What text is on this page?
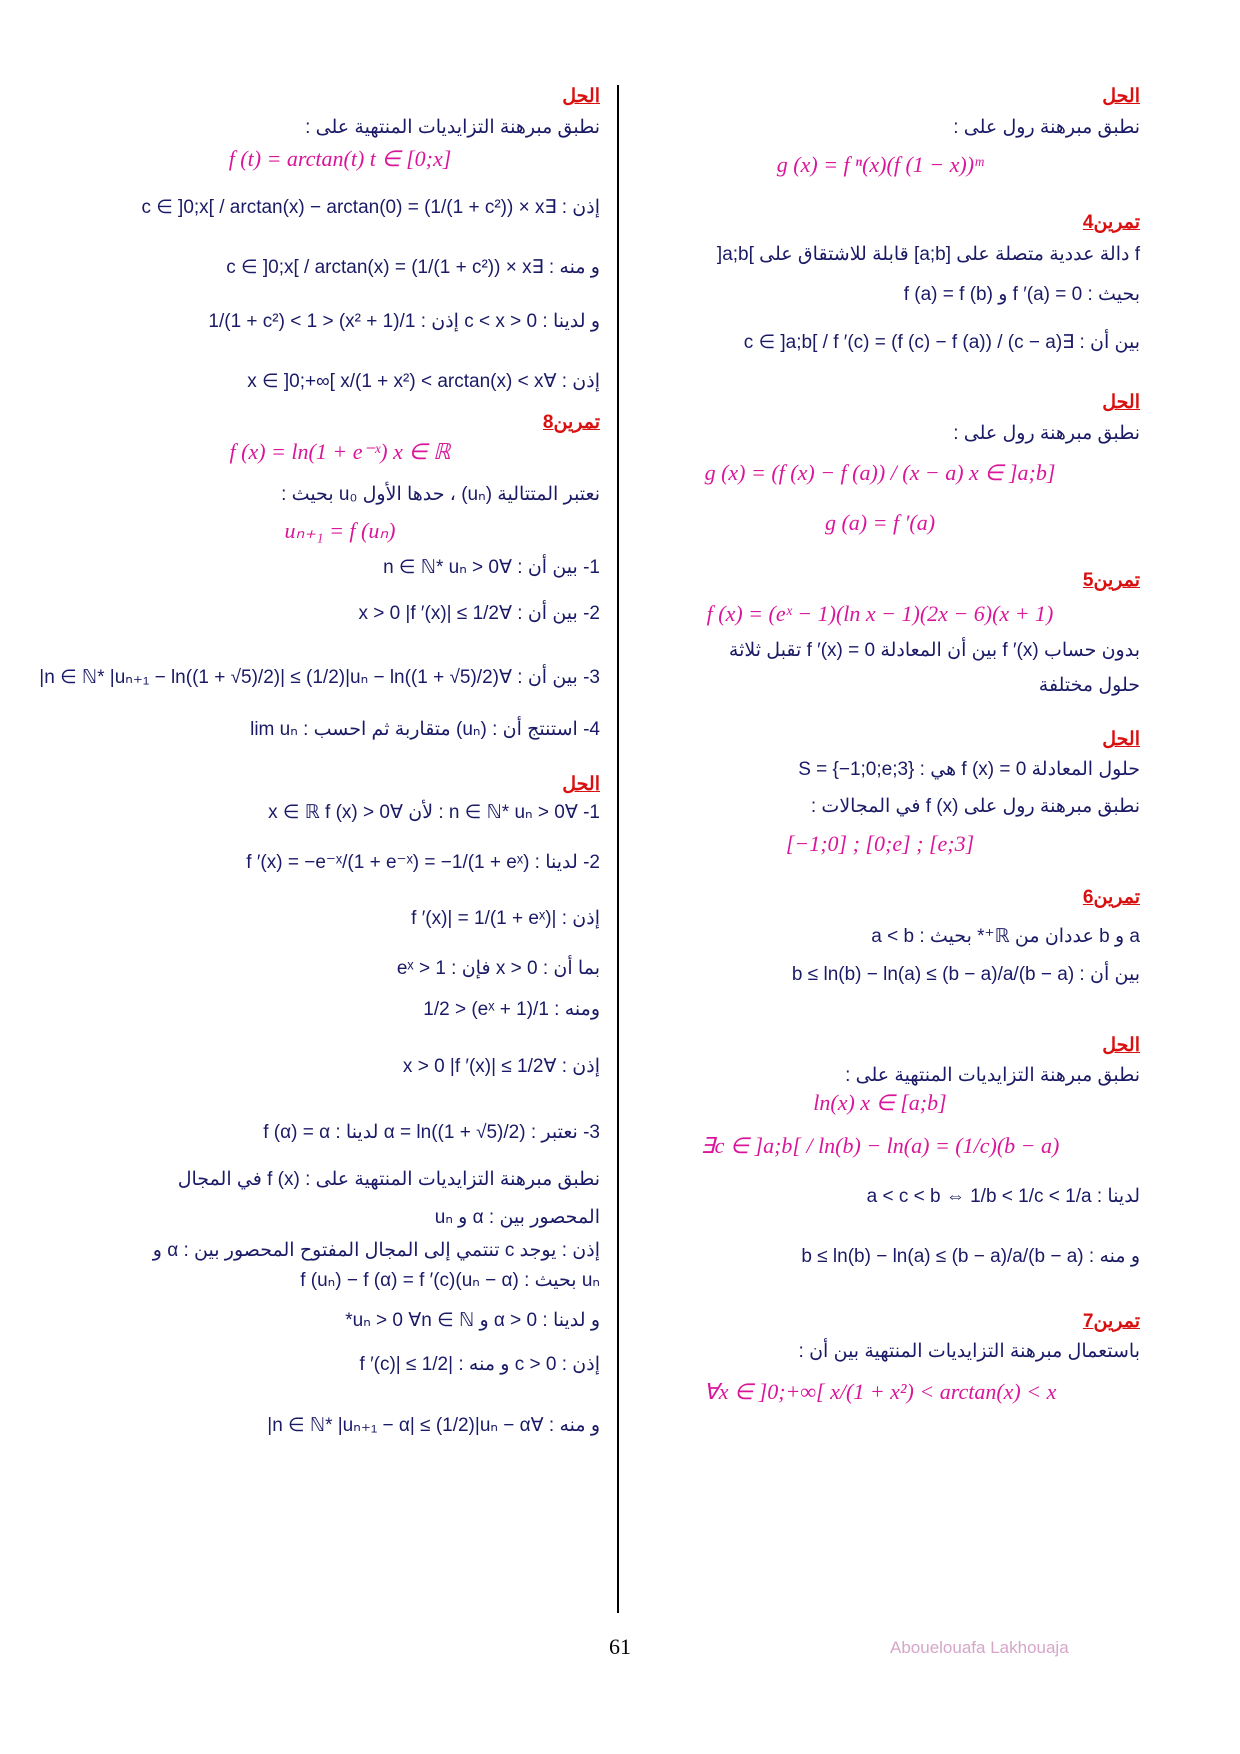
الحل
نطبق مبرهنة رول على :
g (x) = f ⁿ(x)(f (1 − x))ᵐ
تمرين4
f دالة عددية متصلة على [a;b] قابلة للاشتقاق على ]a;b[
بحيث : f ′(a) = 0 و f (a) = f (b)
بين أن : ∃c ∈ ]a;b[ / f ′(c) = (f (c) − f (a)) / (c − a)
الحل
نطبق مبرهنة رول على :
g (x) = (f (x) − f (a)) / (x − a) x ∈ ]a;b]
g (a) = f ′(a)
تمرين5
f (x) = (eˣ − 1)(ln x − 1)(2x − 6)(x + 1)
بدون حساب f ′(x) بين أن المعادلة f ′(x) = 0 تقبل ثلاثة
حلول مختلفة
الحل
حلول المعادلة f (x) = 0 هي : S = {−1;0;e;3}
نطبق مبرهنة رول على f (x) في المجالات :
[−1;0] ; [0;e] ; [e;3]
تمرين6
a و b عددان من ℝ⁺* بحيث : a < b
بين أن : (b − a)/b ≤ ln(b) − ln(a) ≤ (b − a)/a
الحل
نطبق مبرهنة التزايديات المنتهية على :
ln(x) x ∈ [a;b]
∃c ∈ ]a;b[ / ln(b) − ln(a) = (1/c)(b − a)
لدينا : a < c < b ⇔ 1/b < 1/c < 1/a
و منه : (b − a)/b ≤ ln(b) − ln(a) ≤ (b − a)/a
تمرين7
باستعمال مبرهنة التزايديات المنتهية بين أن :
∀x ∈ ]0;+∞[ x/(1 + x²) < arctan(x) < x
الحل
نطبق مبرهنة التزايديات المنتهية على :
f (t) = arctan(t) t ∈ [0;x]
إذن : ∃c ∈ ]0;x[ / arctan(x) − arctan(0) = (1/(1 + c²)) × x
و منه : ∃c ∈ ]0;x[ / arctan(x) = (1/(1 + c²)) × x
و لدينا : 0 < c < x إذن : 1/(1 + x²) < 1/(1 + c²) < 1
إذن : ∀x ∈ ]0;+∞[ x/(1 + x²) < arctan(x) < x
تمرين8
f (x) = ln(1 + e⁻ˣ) x ∈ ℝ
نعتبر المتتالية (uₙ) ، حدها الأول u₀ بحيث :
uₙ₊₁ = f (uₙ)
1- بين أن : ∀n ∈ ℕ* uₙ > 0
2- بين أن : ∀x > 0 |f ′(x)| ≤ 1/2
3- بين أن : ∀n ∈ ℕ* |uₙ₊₁ − ln((1 + √5)/2)| ≤ (1/2)|uₙ − ln((1 + √5)/2)|
4- استنتج أن : (uₙ) متقاربة ثم احسب : lim uₙ
الحل
1- ∀n ∈ ℕ* uₙ > 0 : لأن ∀x ∈ ℝ f (x) > 0
2- لدينا : f ′(x) = −e⁻ˣ/(1 + e⁻ˣ) = −1/(1 + eˣ)
إذن : |f ′(x)| = 1/(1 + eˣ)
بما أن : x > 0 فإن : eˣ > 1
ومنه : 1/(1 + eˣ) < 1/2
إذن : ∀x > 0 |f ′(x)| ≤ 1/2
3- نعتبر : α = ln((1 + √5)/2) لدينا : f (α) = α
نطبق مبرهنة التزايديات المنتهية على : f (x) في المجال
المحصور بين : α و uₙ
إذن : يوجد c تنتمي إلى المجال المفتوح المحصور بين : α و
uₙ بحيث : f (uₙ) − f (α) = f ′(c)(uₙ − α)
و لدينا : α > 0 و uₙ > 0 ∀n ∈ ℕ*
إذن : c > 0 و منه : |f ′(c)| ≤ 1/2
و منه : ∀n ∈ ℕ* |uₙ₊₁ − α| ≤ (1/2)|uₙ − α|
61	Abouelouafa Lakhouaja
